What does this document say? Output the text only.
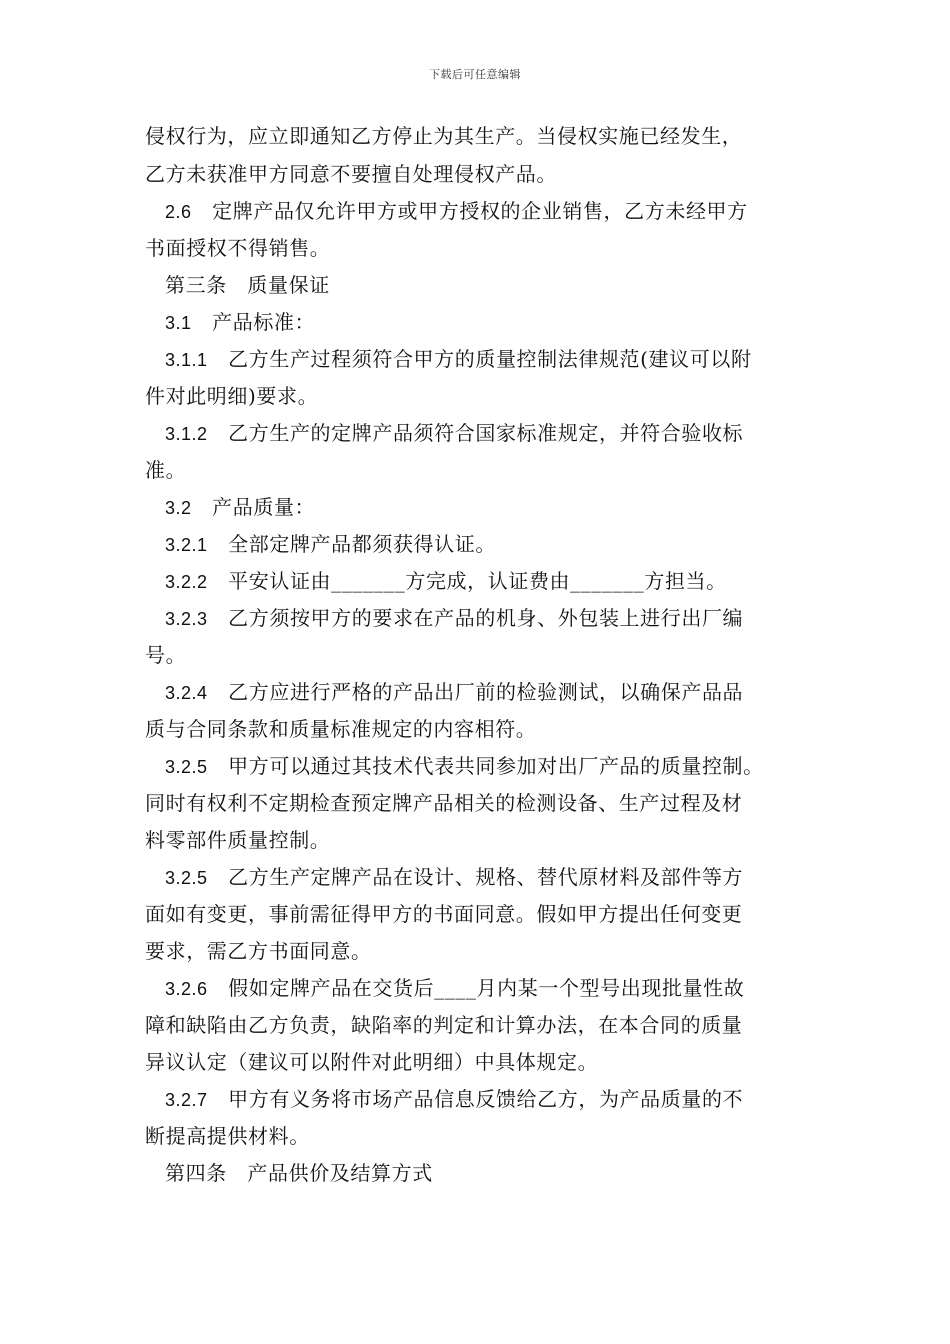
下载后可任意编辑
侵权行为，应立即通知乙方停止为其生产。当侵权实施已经发生，
乙方未获准甲方同意不要擅自处理侵权产品。
2.6　 定牌产品仅允许甲方或甲方授权的企业销售，乙方未经甲方
书面授权不得销售。
第三条　质量保证
3.1　 产品标准：
3.1.1　 乙方生产过程须符合甲方的质量控制法律规范(建议可以附
件对此明细)要求。
3.1.2　 乙方生产的定牌产品须符合国家标准规定，并符合验收标
准。
3.2　 产品质量：
3.2.1　 全部定牌产品都须获得认证。
3.2.2　 平安认证由_______方完成，认证费由_______方担当。
3.2.3　 乙方须按甲方的要求在产品的机身、外包装上进行出厂编
号。
3.2.4　 乙方应进行严格的产品出厂前的检验测试，以确保产品品
质与合同条款和质量标准规定的内容相符。
3.2.5　 甲方可以通过其技术代表共同参加对出厂产品的质量控制。
同时有权利不定期检查预定牌产品相关的检测设备、生产过程及材
料零部件质量控制。
3.2.5　 乙方生产定牌产品在设计、规格、替代原材料及部件等方
面如有变更，事前需征得甲方的书面同意。假如甲方提出任何变更
要求，需乙方书面同意。
3.2.6　 假如定牌产品在交货后____月内某一个型号出现批量性故
障和缺陷由乙方负责，缺陷率的判定和计算办法，在本合同的质量
异议认定（建议可以附件对此明细）中具体规定。
3.2.7　 甲方有义务将市场产品信息反馈给乙方，为产品质量的不
断提高提供材料。
第四条　产品供价及结算方式
